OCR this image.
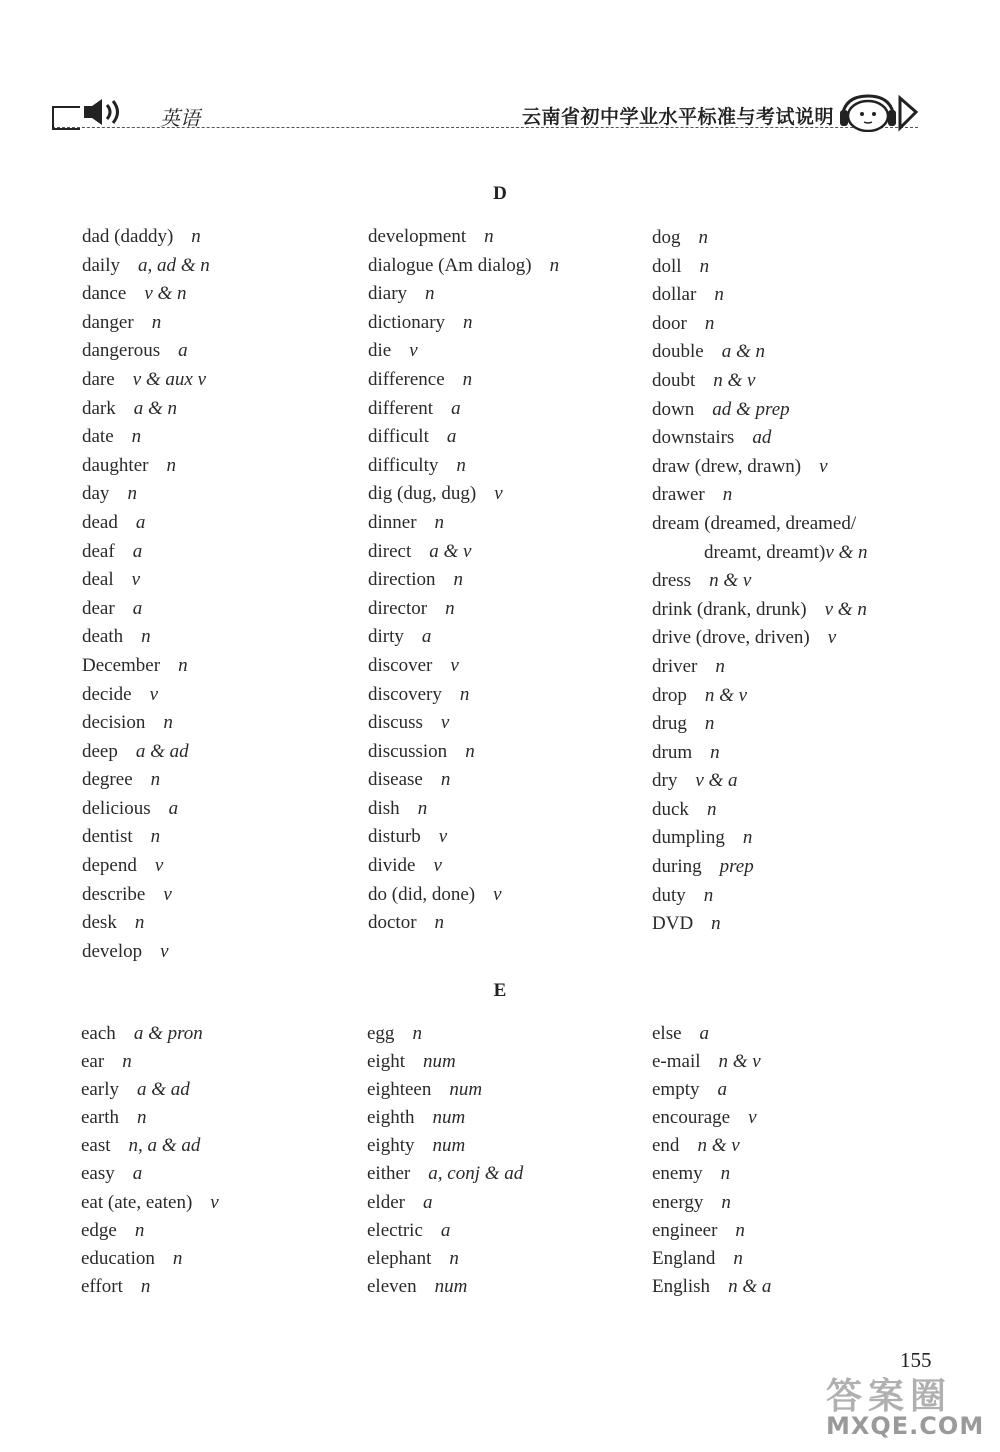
英语	云南省初中学业水平标准与考试说明
D
dad (daddy) n
daily a, ad & n
dance v & n
danger n
dangerous a
dare v & aux v
dark a & n
date n
daughter n
day n
dead a
deaf a
deal v
dear a
death n
December n
decide v
decision n
deep a & ad
degree n
delicious a
dentist n
depend v
describe v
desk n
develop v
development n
dialogue (Am dialog) n
diary n
dictionary n
die v
difference n
different a
difficult a
difficulty n
dig (dug, dug) v
dinner n
direct a & v
direction n
director n
dirty a
discover v
discovery n
discuss v
discussion n
disease n
dish n
disturb v
divide v
do (did, done) v
doctor n
dog n
doll n
dollar n
door n
double a & n
doubt n & v
down ad & prep
downstairs ad
draw (drew, drawn) v
drawer n
dream (dreamed, dreamed/
dreamt, dreamt) v & n
dress n & v
drink (drank, drunk) v & n
drive (drove, driven) v
driver n
drop n & v
drug n
drum n
dry v & a
duck n
dumpling n
during prep
duty n
DVD n
E
each a & pron
ear n
early a & ad
earth n
east n, a & ad
easy a
eat (ate, eaten) v
edge n
education n
effort n
egg n
eight num
eighteen num
eighth num
eighty num
either a, conj & ad
elder a
electric a
elephant n
eleven num
else a
e-mail n & v
empty a
encourage v
end n & v
enemy n
energy n
engineer n
England n
English n & a
155
答案圈
MXQE.COM
